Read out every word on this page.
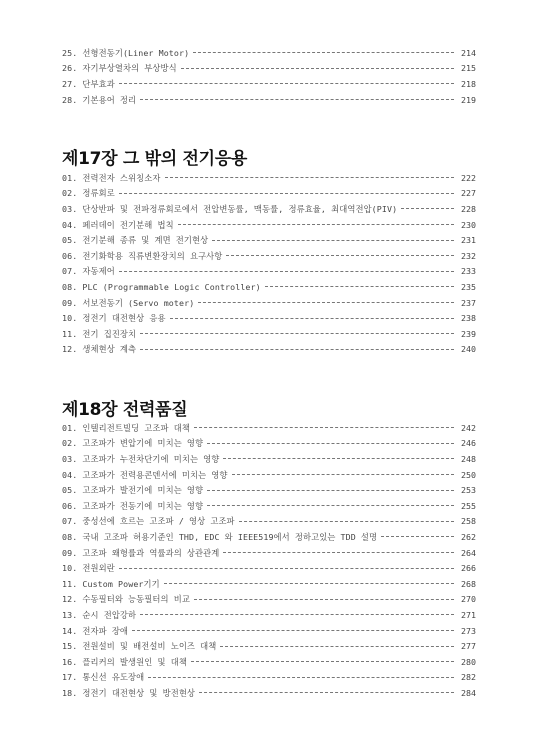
25. 선형전동기(Liner Motor)	214
26. 자기부상열차의 부상방식	215
27. 단부효과	218
28. 기본용어 정리	219
제17장 그 밖의 전기응용
01. 전력전자 스위칭소자	222
02. 정류회로	227
03. 단상반파 및 전파정류회로에서 전압변동률, 맥동률, 정류효율, 최대역전압(PIV)	228
04. 페러데이 전기분해 법칙	230
05. 전기분해 종류 및 계면 전기현상	231
06. 전기화학용 직류변환장치의 요구사항	232
07. 자동제어	233
08. PLC (Programmable Logic Controller)	235
09. 서보전동기 (Servo moter)	237
10. 정전기 대전현상 응용	238
11. 전기 집진장치	239
12. 생체현상 계측	240
제18장 전력품질
01. 인텔리전트빌딩 고조파 대책	242
02. 고조파가 변압기에 미치는 영향	246
03. 고조파가 누전차단기에 미치는 영향	248
04. 고조파가 전력용콘덴서에 미치는 영향	250
05. 고조파가 발전기에 미치는 영향	253
06. 고조파가 전동기에 미치는 영향	255
07. 중성선에 흐르는 고조파 / 영상 고조파	258
08. 국내 고조파 허용기준인 THD, EDC 와 IEEE519에서 정하고있는 TDD 설명	262
09. 고조파 왜형률과 역률과의 상관관계	264
10. 전원외란	266
11. Custom Power기기	268
12. 수동필터와 능동필터의 비교	270
13. 순시 전압강하	271
14. 전자파 장애	273
15. 전원설비 및 배전설비 노이즈 대책	277
16. 플리커의 발생원인 및 대책	280
17. 통신선 유도장애	282
18. 정전기 대전현상 및 방전현상	284
